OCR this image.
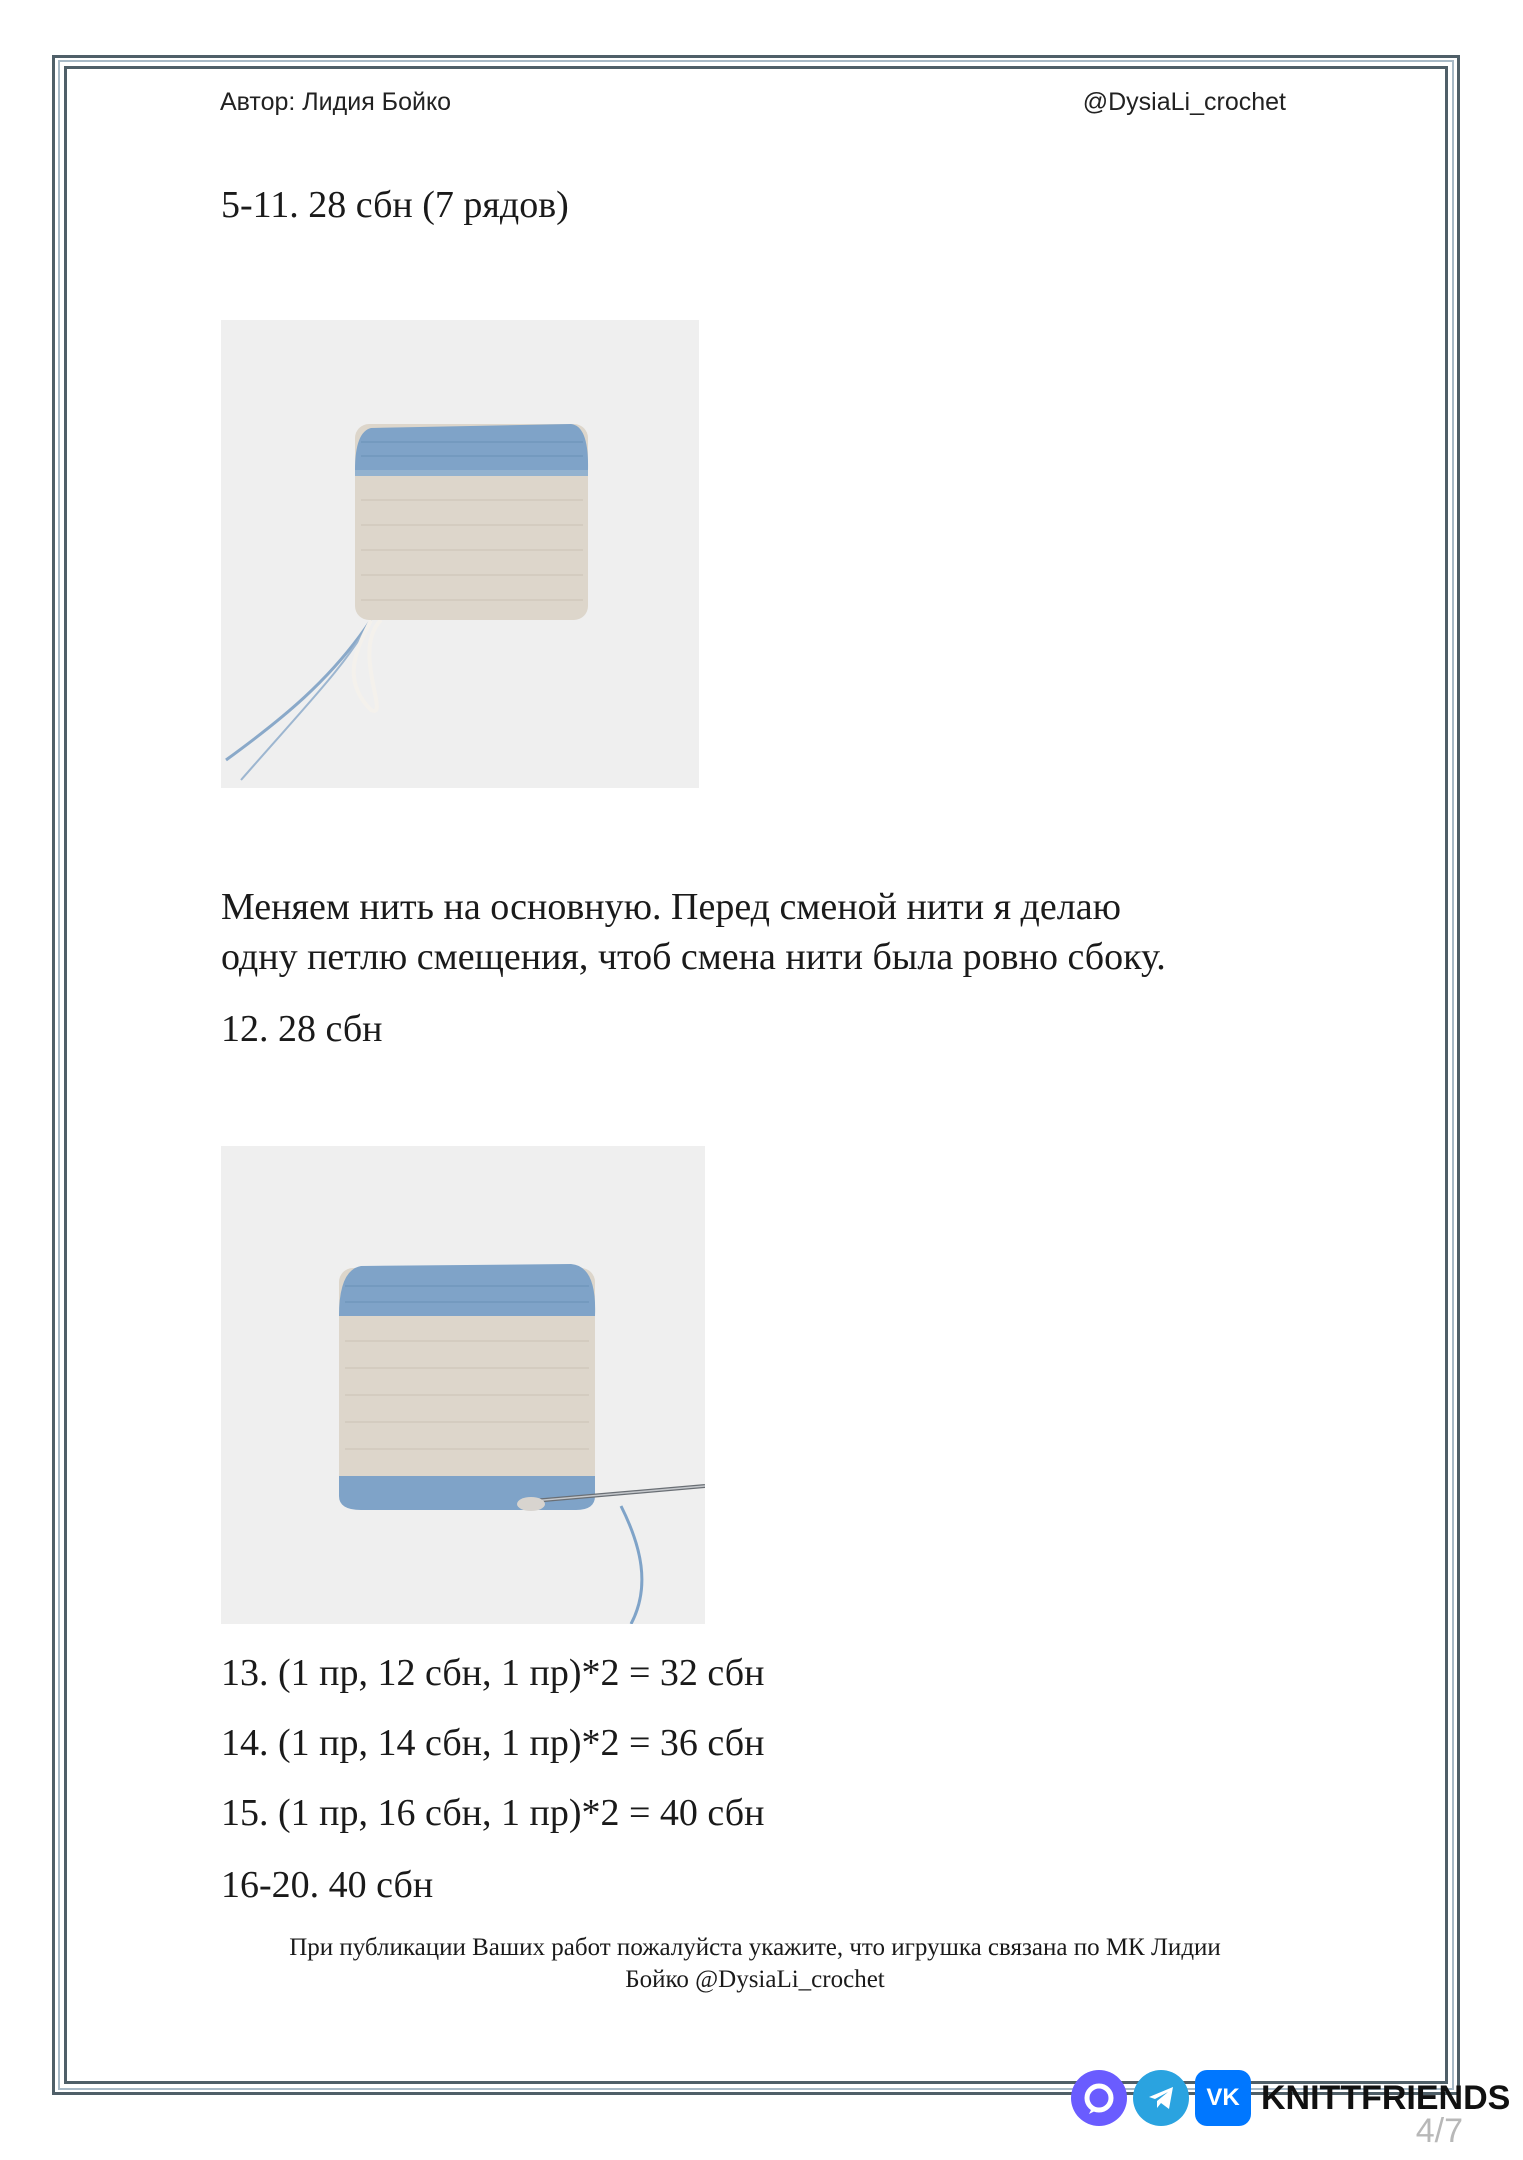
Автор: Лидия Бойко	@DysiaLi_crochet
5-11. 28 сбн (7 рядов)
Меняем нить на основную. Перед сменой нити я делаю
одну петлю смещения, чтоб смена нити была ровно сбоку.
12. 28 сбн
13. (1 пр, 12 сбн, 1 пр)*2 = 32 сбн
14. (1 пр, 14 сбн, 1 пр)*2 = 36 сбн
15. (1 пр, 16 сбн, 1 пр)*2 = 40 сбн
16-20. 40 сбн
При публикации Ваших работ пожалуйста укажите, что игрушка связана по МК Лидии
Бойко @DysiaLi_crochet
VK KNITTFRIENDS
4/7
